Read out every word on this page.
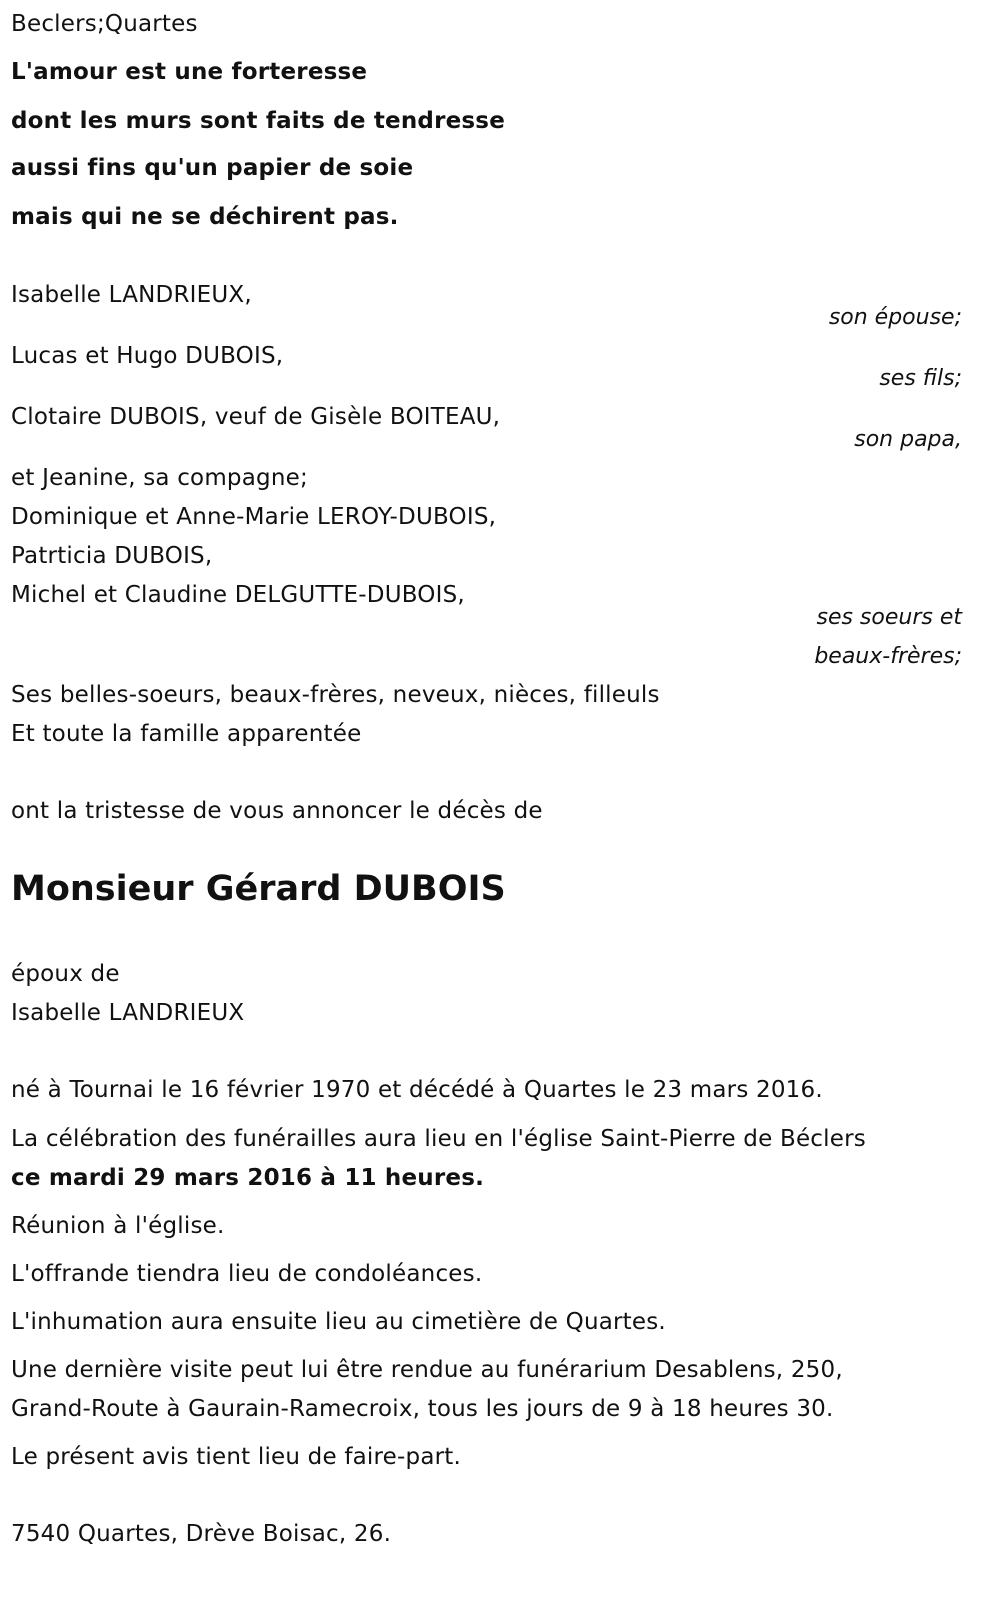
Beclers;Quartes
L'amour est une forteresse
dont les murs sont faits de tendresse
aussi fins qu'un papier de soie
mais qui ne se déchirent pas.
Isabelle LANDRIEUX,
son épouse;
Lucas et Hugo DUBOIS,
ses fils;
Clotaire DUBOIS, veuf de Gisèle BOITEAU,
son papa,
et Jeanine, sa compagne;
Dominique et Anne-Marie LEROY-DUBOIS,
Patrticia DUBOIS,
Michel et Claudine DELGUTTE-DUBOIS,
ses soeurs et
beaux-frères;
Ses belles-soeurs, beaux-frères, neveux, nièces, filleuls
Et toute la famille apparentée
ont la tristesse de vous annoncer le décès de
Monsieur Gérard DUBOIS
époux de
Isabelle LANDRIEUX
né à Tournai le 16 février 1970 et décédé à Quartes le 23 mars 2016.
La célébration des funérailles aura lieu en l'église Saint-Pierre de Béclers
ce mardi 29 mars 2016 à 11 heures.
Réunion à l'église.
L'offrande tiendra lieu de condoléances.
L'inhumation aura ensuite lieu au cimetière de Quartes.
Une dernière visite peut lui être rendue au funérarium Desablens, 250,
Grand-Route à Gaurain-Ramecroix, tous les jours de 9 à 18 heures 30.
Le présent avis tient lieu de faire-part.
7540 Quartes, Drève Boisac, 26.
